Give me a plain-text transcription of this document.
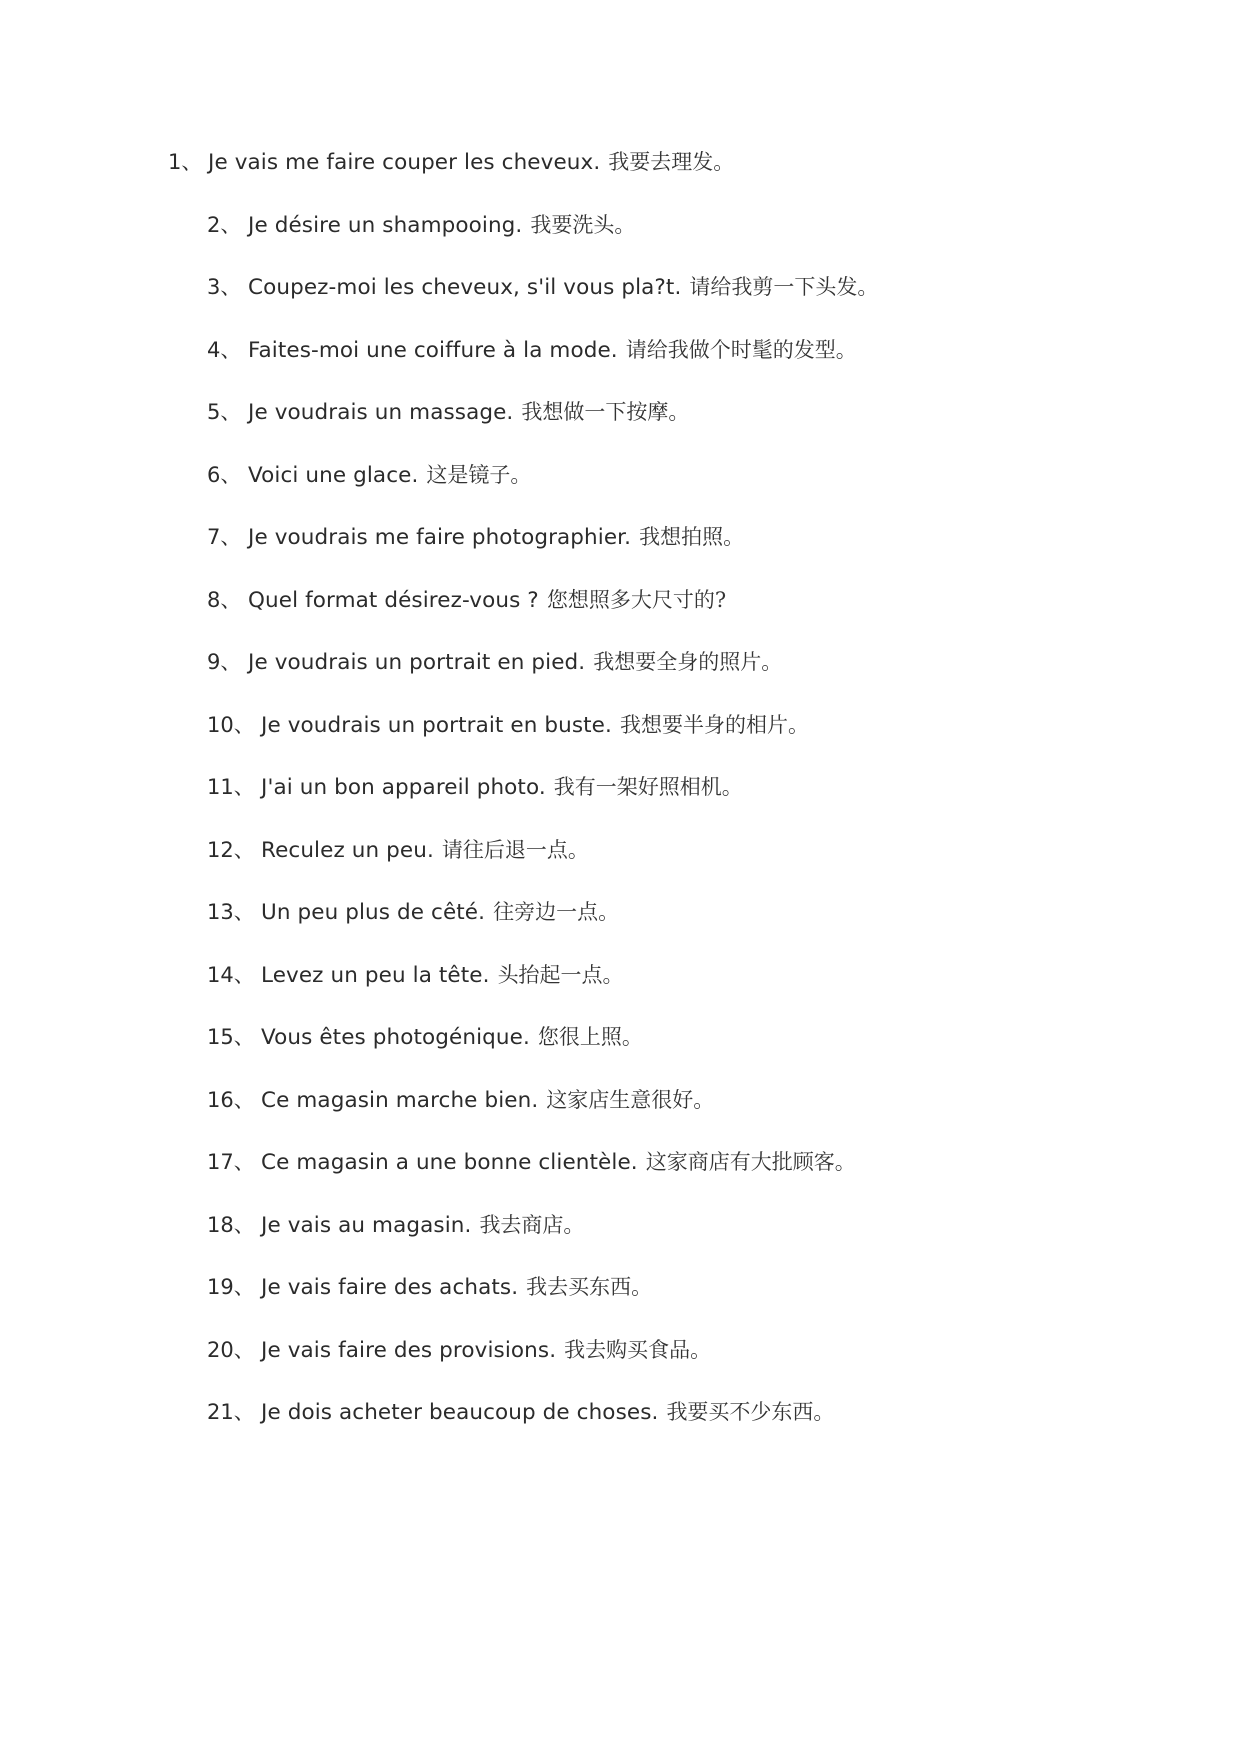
1、 Je vais me faire couper les cheveux. 我要去理发。
2、 Je désire un shampooing. 我要洗头。
3、 Coupez-moi les cheveux, s'il vous pla?t. 请给我剪一下头发。
4、 Faites-moi une coiffure à la mode. 请给我做个时髦的发型。
5、 Je voudrais un massage. 我想做一下按摩。
6、 Voici une glace. 这是镜子。
7、 Je voudrais me faire photographier. 我想拍照。
8、 Quel format désirez-vous ? 您想照多大尺寸的?
9、 Je voudrais un portrait en pied. 我想要全身的照片。
10、 Je voudrais un portrait en buste. 我想要半身的相片。
11、 J'ai un bon appareil photo. 我有一架好照相机。
12、 Reculez un peu. 请往后退一点。
13、 Un peu plus de cêté. 往旁边一点。
14、 Levez un peu la tête. 头抬起一点。
15、 Vous êtes photogénique. 您很上照。
16、 Ce magasin marche bien. 这家店生意很好。
17、 Ce magasin a une bonne clientèle. 这家商店有大批顾客。
18、 Je vais au magasin. 我去商店。
19、 Je vais faire des achats. 我去买东西。
20、 Je vais faire des provisions. 我去购买食品。
21、 Je dois acheter beaucoup de choses. 我要买不少东西。
